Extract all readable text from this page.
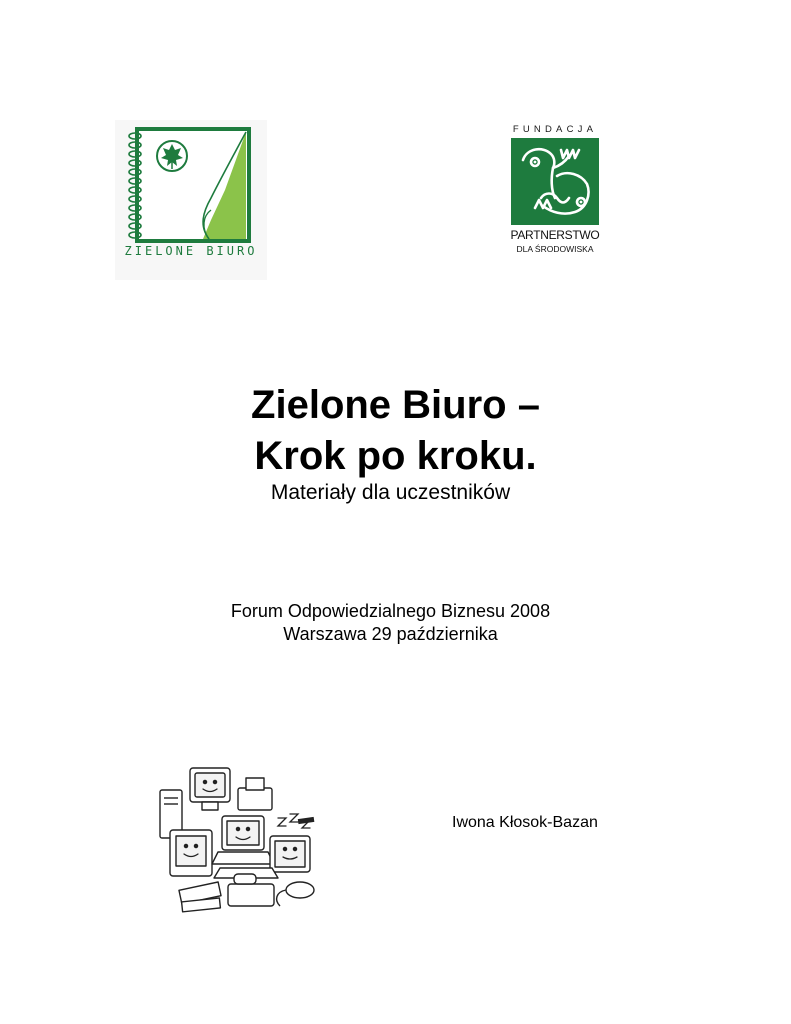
ZIELONE BIURO
FUNDACJA
PARTNERSTWO
DLA ŚRODOWISKA
Zielone Biuro –
Krok po kroku.
Materiały dla uczestników
Forum Odpowiedzialnego Biznesu 2008
Warszawa 29 października
Iwona Kłosok-Bazan
